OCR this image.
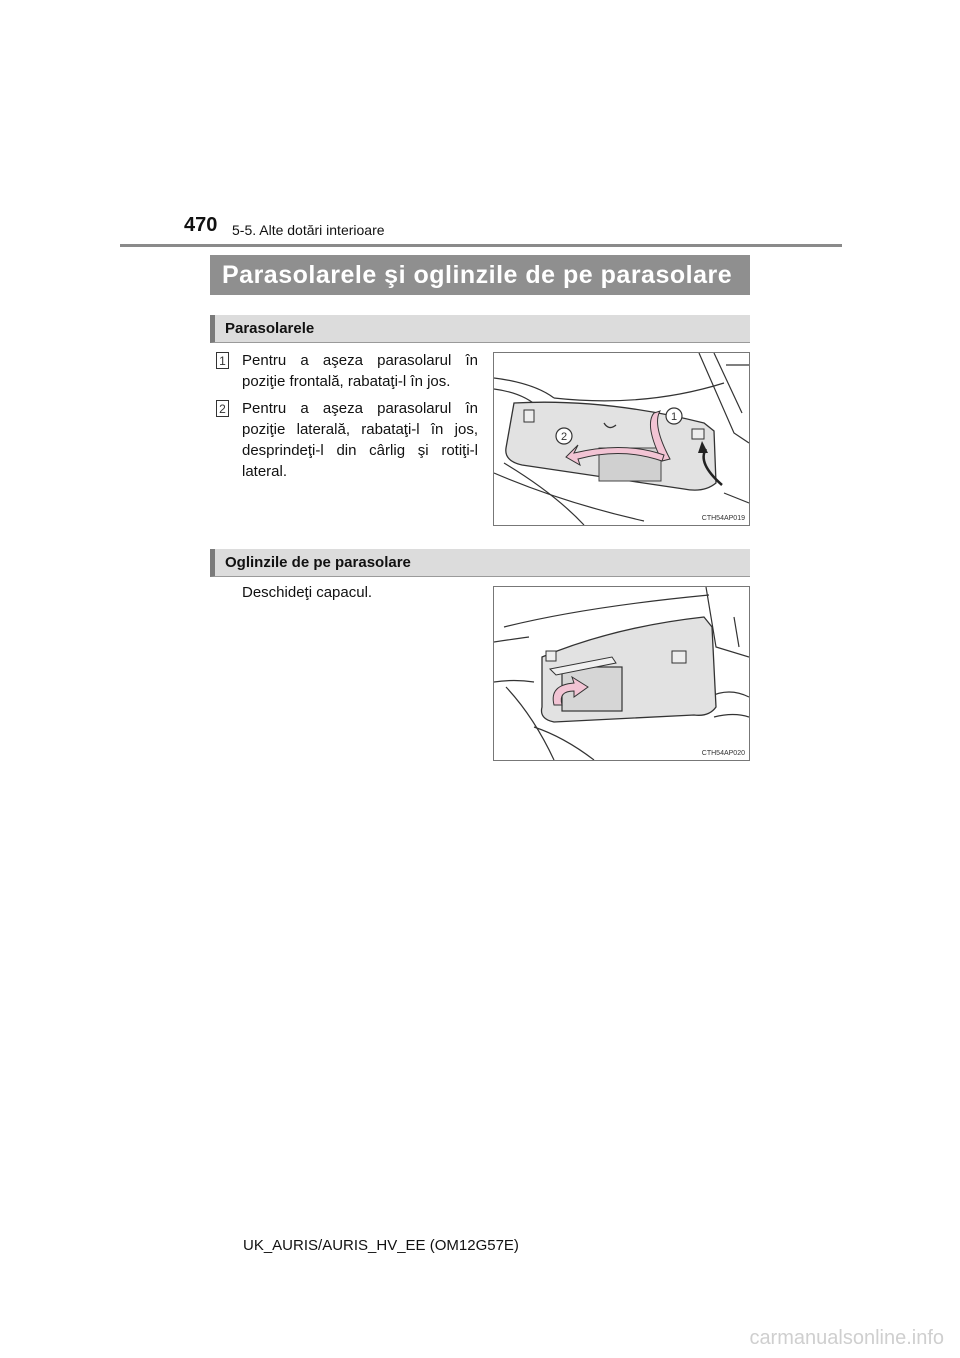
470 5-5. Alte dotări interioare
Parasolarele şi oglinzile de pe parasolare
Parasolarele
1 Pentru a aşeza parasolarul în poziţie frontală, rabataţi-l în jos.
2 Pentru a aşeza parasolarul în poziţie laterală, rabataţi-l în jos, desprindeţi-l din cârlig şi rotiţi-l lateral.
1
2
CTH54AP019
Oglinzile de pe parasolare
Deschideţi capacul.
CTH54AP020
UK_AURIS/AURIS_HV_EE (OM12G57E)
carmanualsonline.info
